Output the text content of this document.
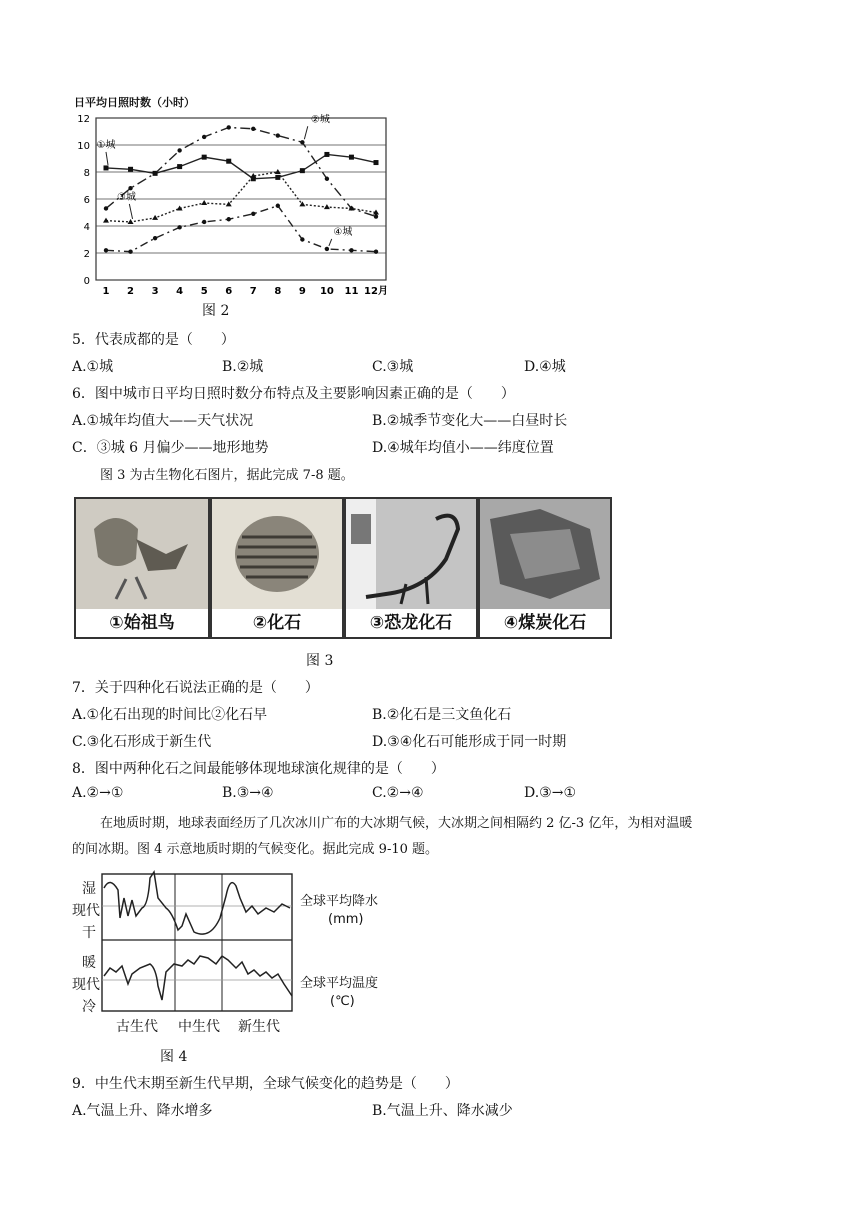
日平均日照时数（小时）
0
2
4
6
8
10
12
1 2 3 4 5 6 7 8 9 10 11 12月
①城
②城
③城
④城
图 2
5．代表成都的是（　　）
A.①城	B.②城	C.③城	D.④城
6．图中城市日平均日照时数分布特点及主要影响因素正确的是（　　）
A.①城年均值大——天气状况	B.②城季节变化大——白昼时长
C．③城 6 月偏少——地形地势	D.④城年均值小——纬度位置
图 3 为古生物化石图片，据此完成 7-8 题。
①始祖鸟	②化石	③恐龙化石	④煤炭化石
图 3
7．关于四种化石说法正确的是（　　）
A.①化石出现的时间比②化石早	B.②化石是三文鱼化石
C.③化石形成于新生代	D.③④化石可能形成于同一时期
8．图中两种化石之间最能够体现地球演化规律的是（　　）
A.②→①	B.③→④	C.②→④	D.③→①
在地质时期，地球表面经历了几次冰川广布的大冰期气候，大冰期之间相隔约 2 亿-3 亿年，为相对温暖
的间冰期。图 4 示意地质时期的气候变化。据此完成 9-10 题。
湿
现代
干
暖
现代
冷
全球平均降水
(mm)
全球平均温度
(℃)
古生代 中生代 新生代
图 4
9．中生代末期至新生代早期，全球气候变化的趋势是（　　）
A.气温上升、降水增多	B.气温上升、降水减少
